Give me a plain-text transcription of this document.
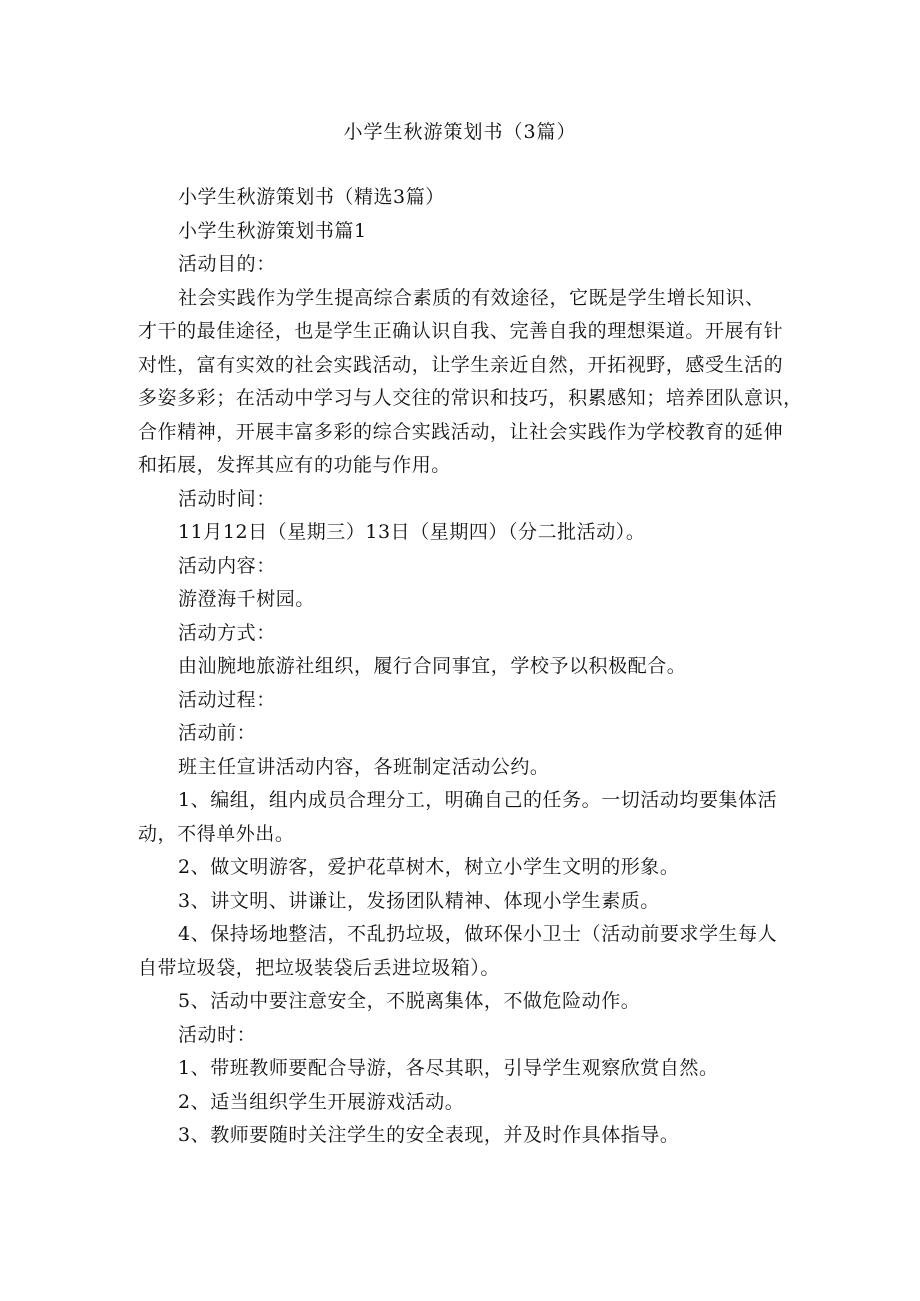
小学生秋游策划书（3篇）

小学生秋游策划书（精选3篇）

小学生秋游策划书篇1

活动目的：

社会实践作为学生提高综合素质的有效途径，它既是学生增长知识、

才干的最佳途径，也是学生正确认识自我、完善自我的理想渠道。开展有针

对性，富有实效的社会实践活动，让学生亲近自然，开拓视野，感受生活的

多姿多彩；在活动中学习与人交往的常识和技巧，积累感知；培养团队意识，

合作精神，开展丰富多彩的综合实践活动，让社会实践作为学校教育的延伸

和拓展，发挥其应有的功能与作用。

活动时间：

11月12日（星期三）13日（星期四）（分二批活动）。

活动内容：

游澄海千树园。

活动方式：

由汕腕地旅游社组织，履行合同事宜，学校予以积极配合。

活动过程：

活动前：

班主任宣讲活动内容，各班制定活动公约。

1、编组，组内成员合理分工，明确自己的任务。一切活动均要集体活

动，不得单外出。

2、做文明游客，爱护花草树木，树立小学生文明的形象。

3、讲文明、讲谦让，发扬团队精神、体现小学生素质。

4、保持场地整洁，不乱扔垃圾，做环保小卫士（活动前要求学生每人

自带垃圾袋，把垃圾装袋后丢进垃圾箱）。

5、活动中要注意安全，不脱离集体，不做危险动作。

活动时：

1、带班教师要配合导游，各尽其职，引导学生观察欣赏自然。

2、适当组织学生开展游戏活动。

3、教师要随时关注学生的安全表现，并及时作具体指导。
